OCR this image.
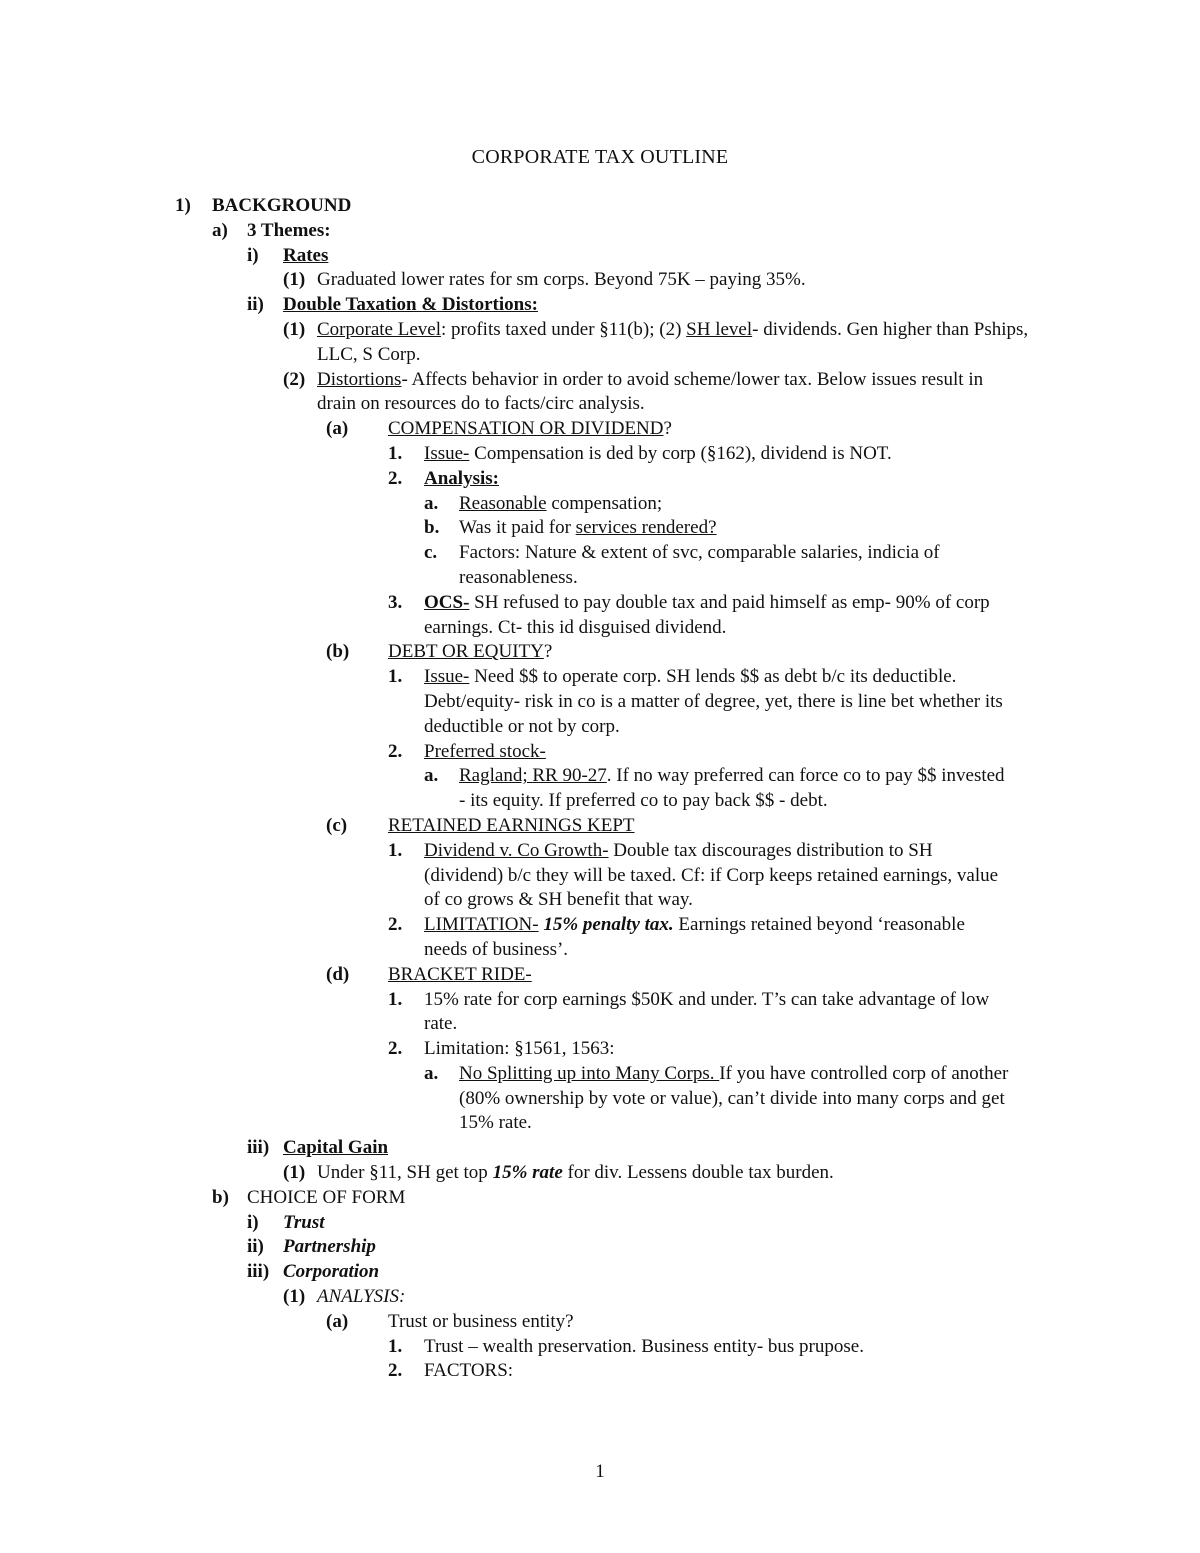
CORPORATE TAX OUTLINE
1) BACKGROUND
a) 3 Themes:
i) Rates
(1) Graduated lower rates for sm corps. Beyond 75K – paying 35%.
ii) Double Taxation & Distortions:
(1) Corporate Level: profits taxed under §11(b); (2) SH level- dividends. Gen higher than Pships, LLC, S Corp.
(2) Distortions- Affects behavior in order to avoid scheme/lower tax. Below issues result in drain on resources do to facts/circ analysis.
(a) COMPENSATION OR DIVIDEND?
1. Issue- Compensation is ded by corp (§162), dividend is NOT.
2. Analysis:
a. Reasonable compensation;
b. Was it paid for services rendered?
c. Factors: Nature & extent of svc, comparable salaries, indicia of reasonableness.
3. OCS- SH refused to pay double tax and paid himself as emp- 90% of corp earnings. Ct- this id disguised dividend.
(b) DEBT OR EQUITY?
1. Issue- Need $$ to operate corp. SH lends $$ as debt b/c its deductible. Debt/equity- risk in co is a matter of degree, yet, there is line bet whether its deductible or not by corp.
2. Preferred stock-
a. Ragland; RR 90-27. If no way preferred can force co to pay $$ invested - its equity. If preferred co to pay back $$ - debt.
(c) RETAINED EARNINGS KEPT
1. Dividend v. Co Growth- Double tax discourages distribution to SH (dividend) b/c they will be taxed. Cf: if Corp keeps retained earnings, value of co grows & SH benefit that way.
2. LIMITATION- 15% penalty tax. Earnings retained beyond ‘reasonable needs of business’.
(d) BRACKET RIDE-
1. 15% rate for corp earnings $50K and under. T’s can take advantage of low rate.
2. Limitation: §1561, 1563:
a. No Splitting up into Many Corps. If you have controlled corp of another (80% ownership by vote or value), can’t divide into many corps and get 15% rate.
iii) Capital Gain
(1) Under §11, SH get top 15% rate for div. Lessens double tax burden.
b) CHOICE OF FORM
i) Trust
ii) Partnership
iii) Corporation
(1) ANALYSIS:
(a) Trust or business entity?
1. Trust – wealth preservation. Business entity- bus prupose.
2. FACTORS:
1
